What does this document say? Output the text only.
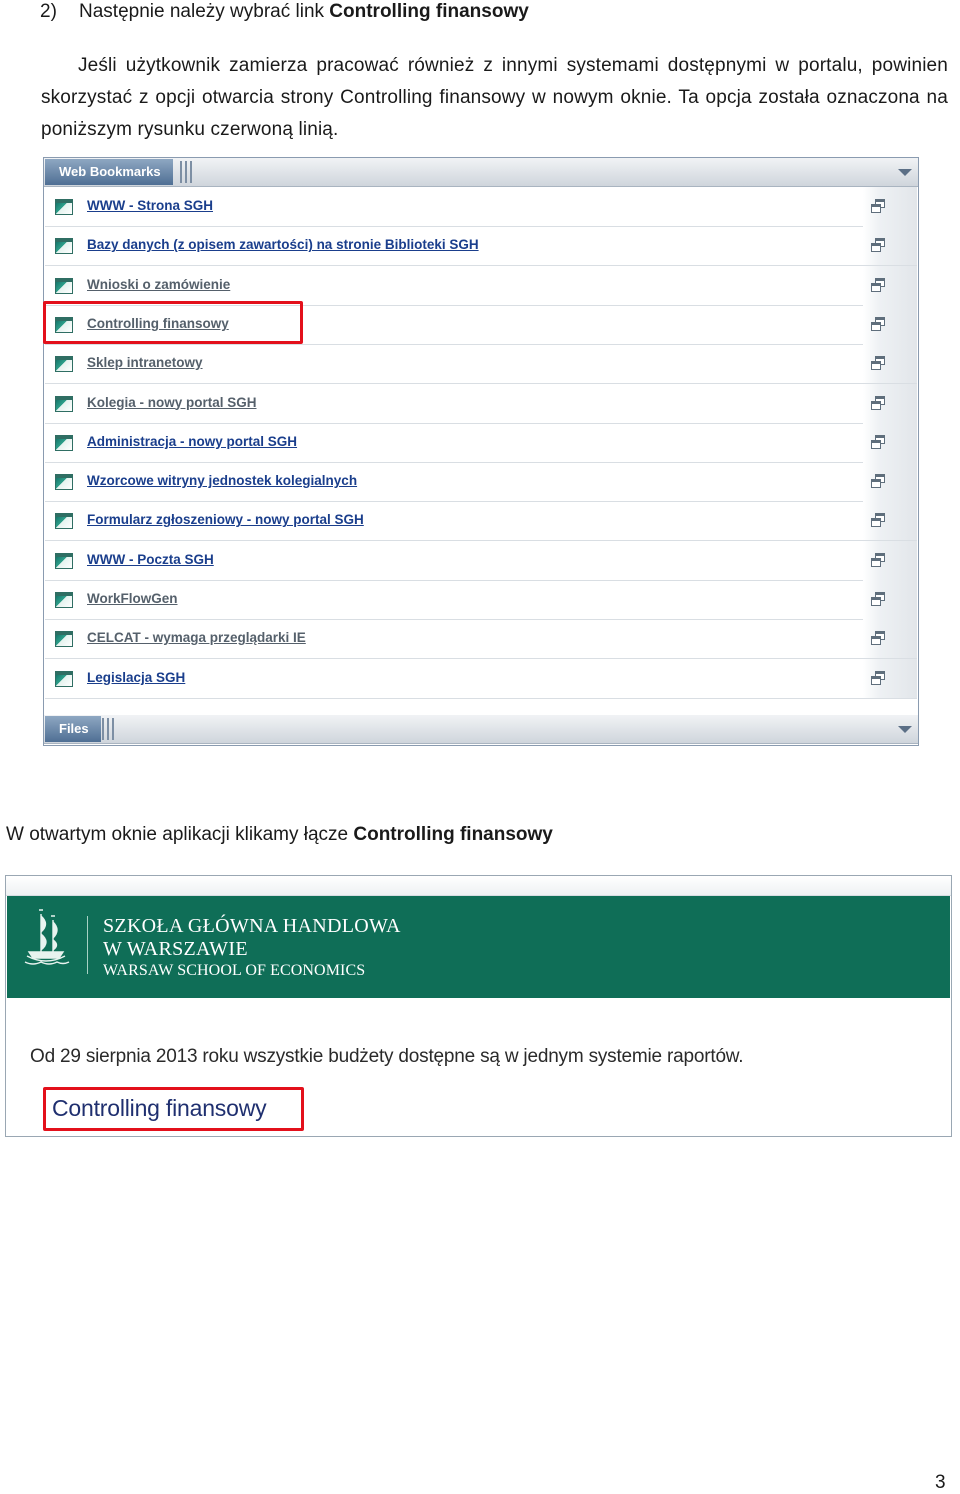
2) Następnie należy wybrać link Controlling finansowy
Jeśli użytkownik zamierza pracować również z innymi systemami dostępnymi w portalu, powinien skorzystać z opcji otwarcia strony Controlling finansowy w nowym oknie. Ta opcja została oznaczona na poniższym rysunku czerwoną linią.
Web Bookmarks
WWW - Strona SGH
Bazy danych (z opisem zawartości) na stronie Biblioteki SGH
Wnioski o zamówienie
Controlling finansowy
Sklep intranetowy
Kolegia - nowy portal SGH
Administracja - nowy portal SGH
Wzorcowe witryny jednostek kolegialnych
Formularz zgłoszeniowy - nowy portal SGH
WWW - Poczta SGH
WorkFlowGen
CELCAT - wymaga przeglądarki IE
Legislacja SGH
Files
W otwartym oknie aplikacji klikamy łącze Controlling finansowy
SZKOŁA GŁÓWNA HANDLOWA
W WARSZAWIE
WARSAW SCHOOL OF ECONOMICS
Od 29 sierpnia 2013 roku wszystkie budżety dostępne są w jednym systemie raportów.
Controlling finansowy
3
